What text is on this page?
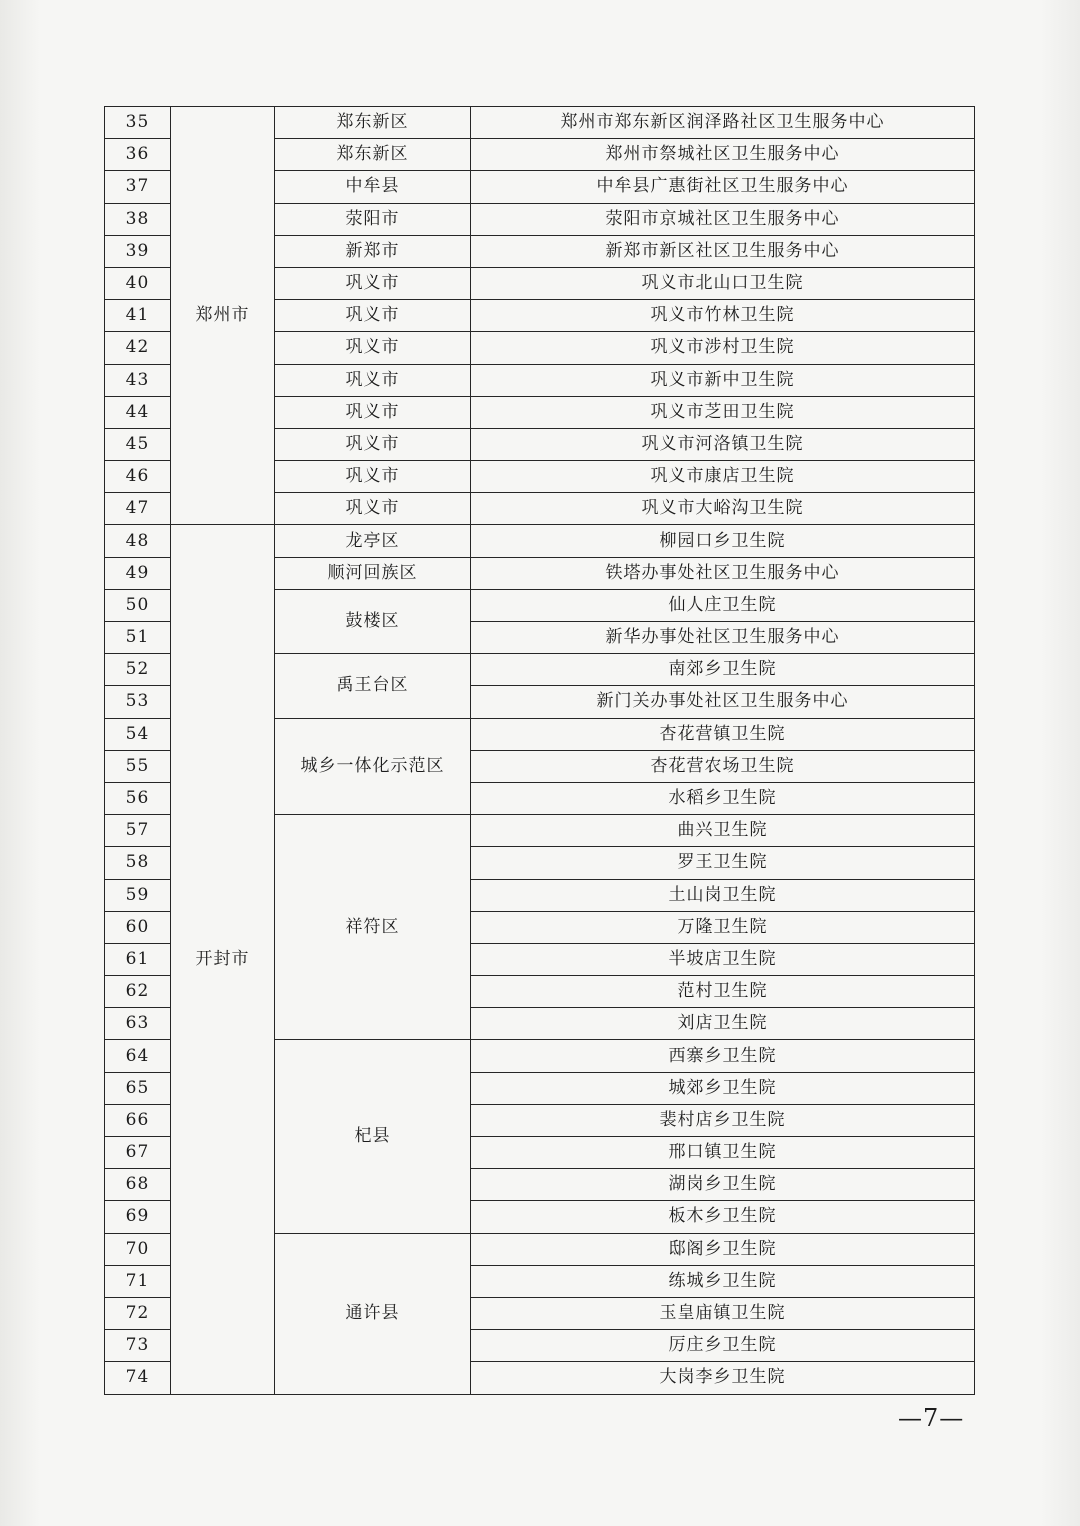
35	郑州市	郑东新区	郑州市郑东新区润泽路社区卫生服务中心
36		郑东新区	郑州市祭城社区卫生服务中心
37		中牟县	中牟县广惠街社区卫生服务中心
38		荥阳市	荥阳市京城社区卫生服务中心
39		新郑市	新郑市新区社区卫生服务中心
40		巩义市	巩义市北山口卫生院
41		巩义市	巩义市竹林卫生院
42		巩义市	巩义市涉村卫生院
43		巩义市	巩义市新中卫生院
44		巩义市	巩义市芝田卫生院
45		巩义市	巩义市河洛镇卫生院
46		巩义市	巩义市康店卫生院
47		巩义市	巩义市大峪沟卫生院
48	开封市	龙亭区	柳园口乡卫生院
49		顺河回族区	铁塔办事处社区卫生服务中心
50		鼓楼区	仙人庄卫生院
51			新华办事处社区卫生服务中心
52		禹王台区	南郊乡卫生院
53			新门关办事处社区卫生服务中心
54		城乡一体化示范区	杏花营镇卫生院
55			杏花营农场卫生院
56			水稻乡卫生院
57		祥符区	曲兴卫生院
58			罗王卫生院
59			土山岗卫生院
60			万隆卫生院
61			半坡店卫生院
62			范村卫生院
63			刘店卫生院
64		杞县	西寨乡卫生院
65			城郊乡卫生院
66			裴村店乡卫生院
67			邢口镇卫生院
68			湖岗乡卫生院
69			板木乡卫生院
70		通许县	邸阁乡卫生院
71			练城乡卫生院
72			玉皇庙镇卫生院
73			厉庄乡卫生院
74			大岗李乡卫生院
—7—
